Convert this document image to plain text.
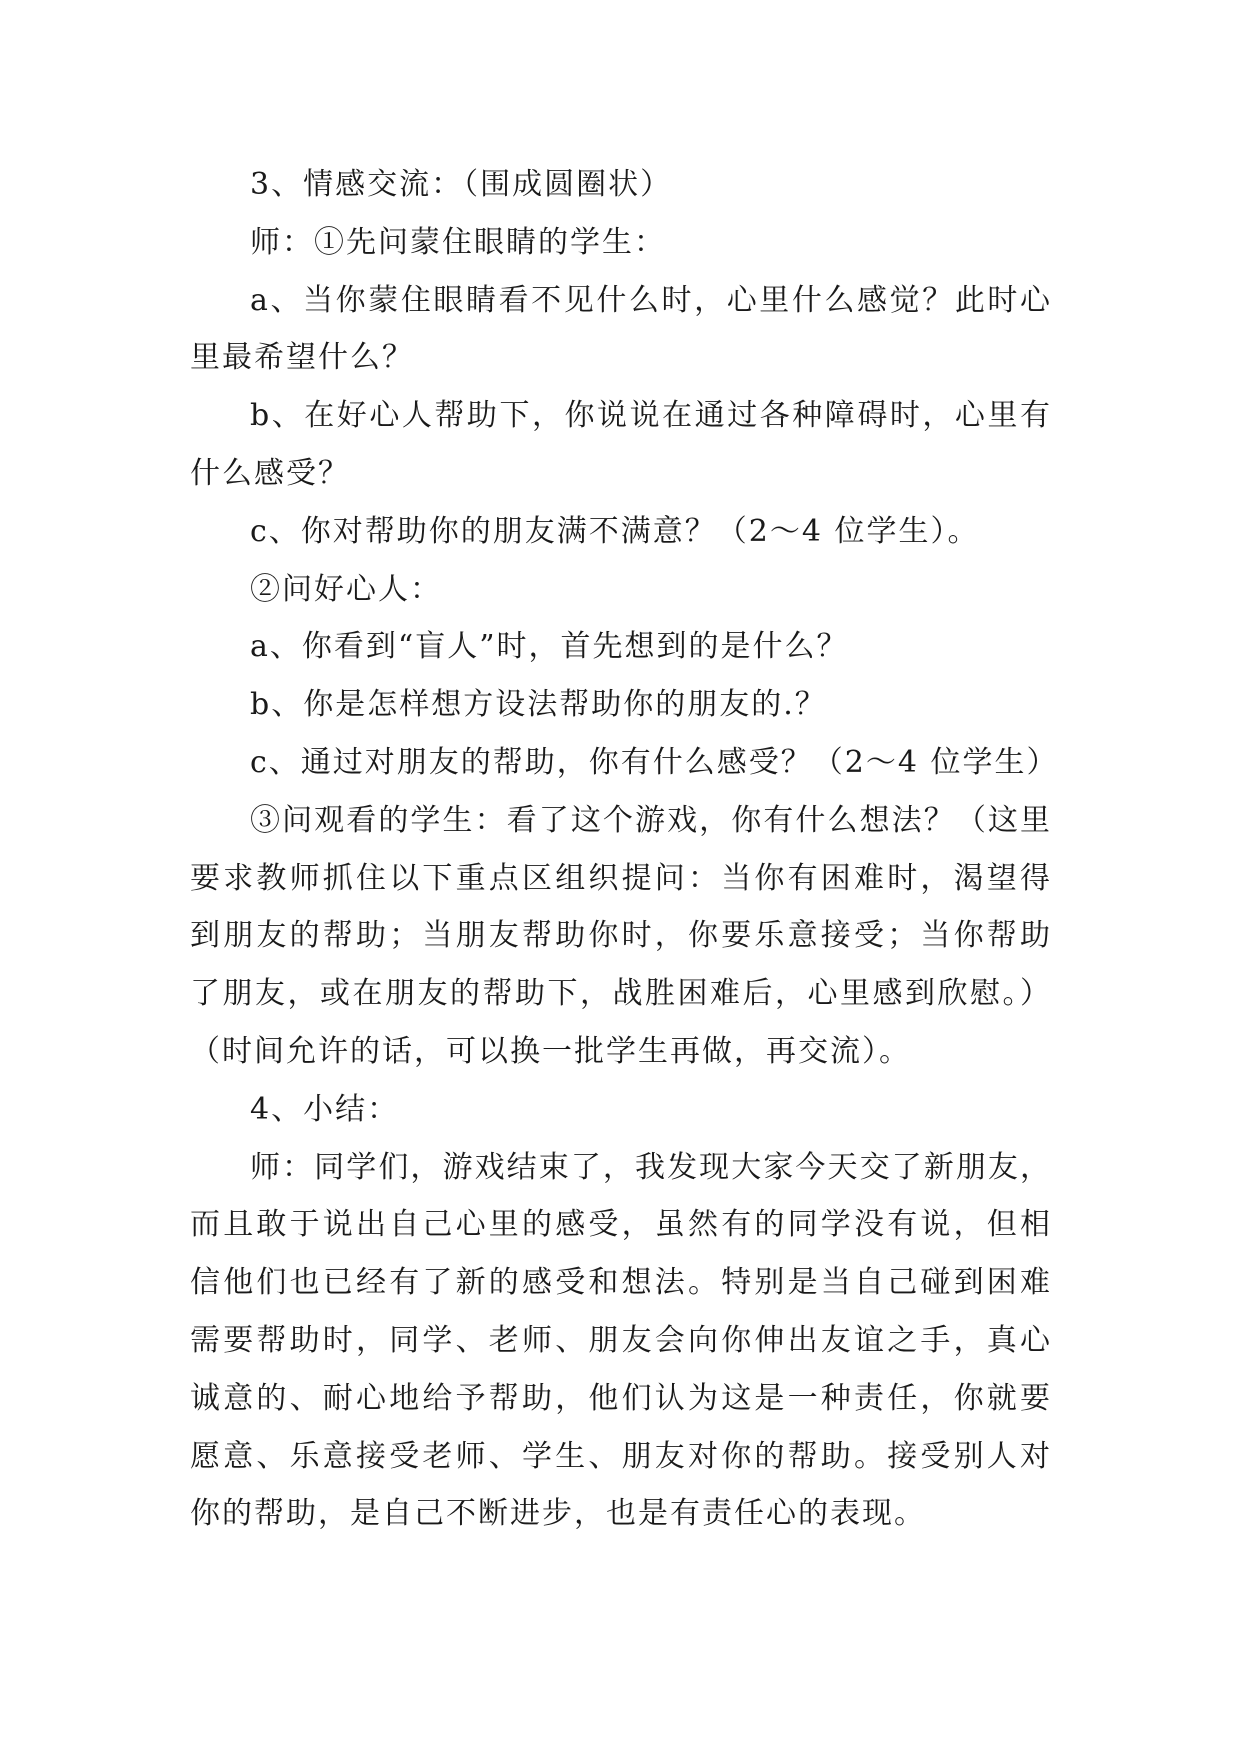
3、情感交流：（围成圆圈状）

师：①先问蒙住眼睛的学生：

a、当你蒙住眼睛看不见什么时，心里什么感觉？此时心里最希望什么？

b、在好心人帮助下，你说说在通过各种障碍时，心里有什么感受？

c、你对帮助你的朋友满不满意？（2～4 位学生）。

②问好心人：

a、你看到“盲人”时，首先想到的是什么？

b、你是怎样想方设法帮助你的朋友的.？

c、通过对朋友的帮助，你有什么感受？（2～4 位学生）

③问观看的学生：看了这个游戏，你有什么想法？（这里要求教师抓住以下重点区组织提问：当你有困难时，渴望得到朋友的帮助；当朋友帮助你时，你要乐意接受；当你帮助了朋友，或在朋友的帮助下，战胜困难后，心里感到欣慰。）（时间允许的话，可以换一批学生再做，再交流）。

4、小结：

师：同学们，游戏结束了，我发现大家今天交了新朋友，而且敢于说出自己心里的感受，虽然有的同学没有说，但相信他们也已经有了新的感受和想法。特别是当自己碰到困难需要帮助时，同学、老师、朋友会向你伸出友谊之手，真心诚意的、耐心地给予帮助，他们认为这是一种责任，你就要愿意、乐意接受老师、学生、朋友对你的帮助。接受别人对你的帮助，是自己不断进步，也是有责任心的表现。
